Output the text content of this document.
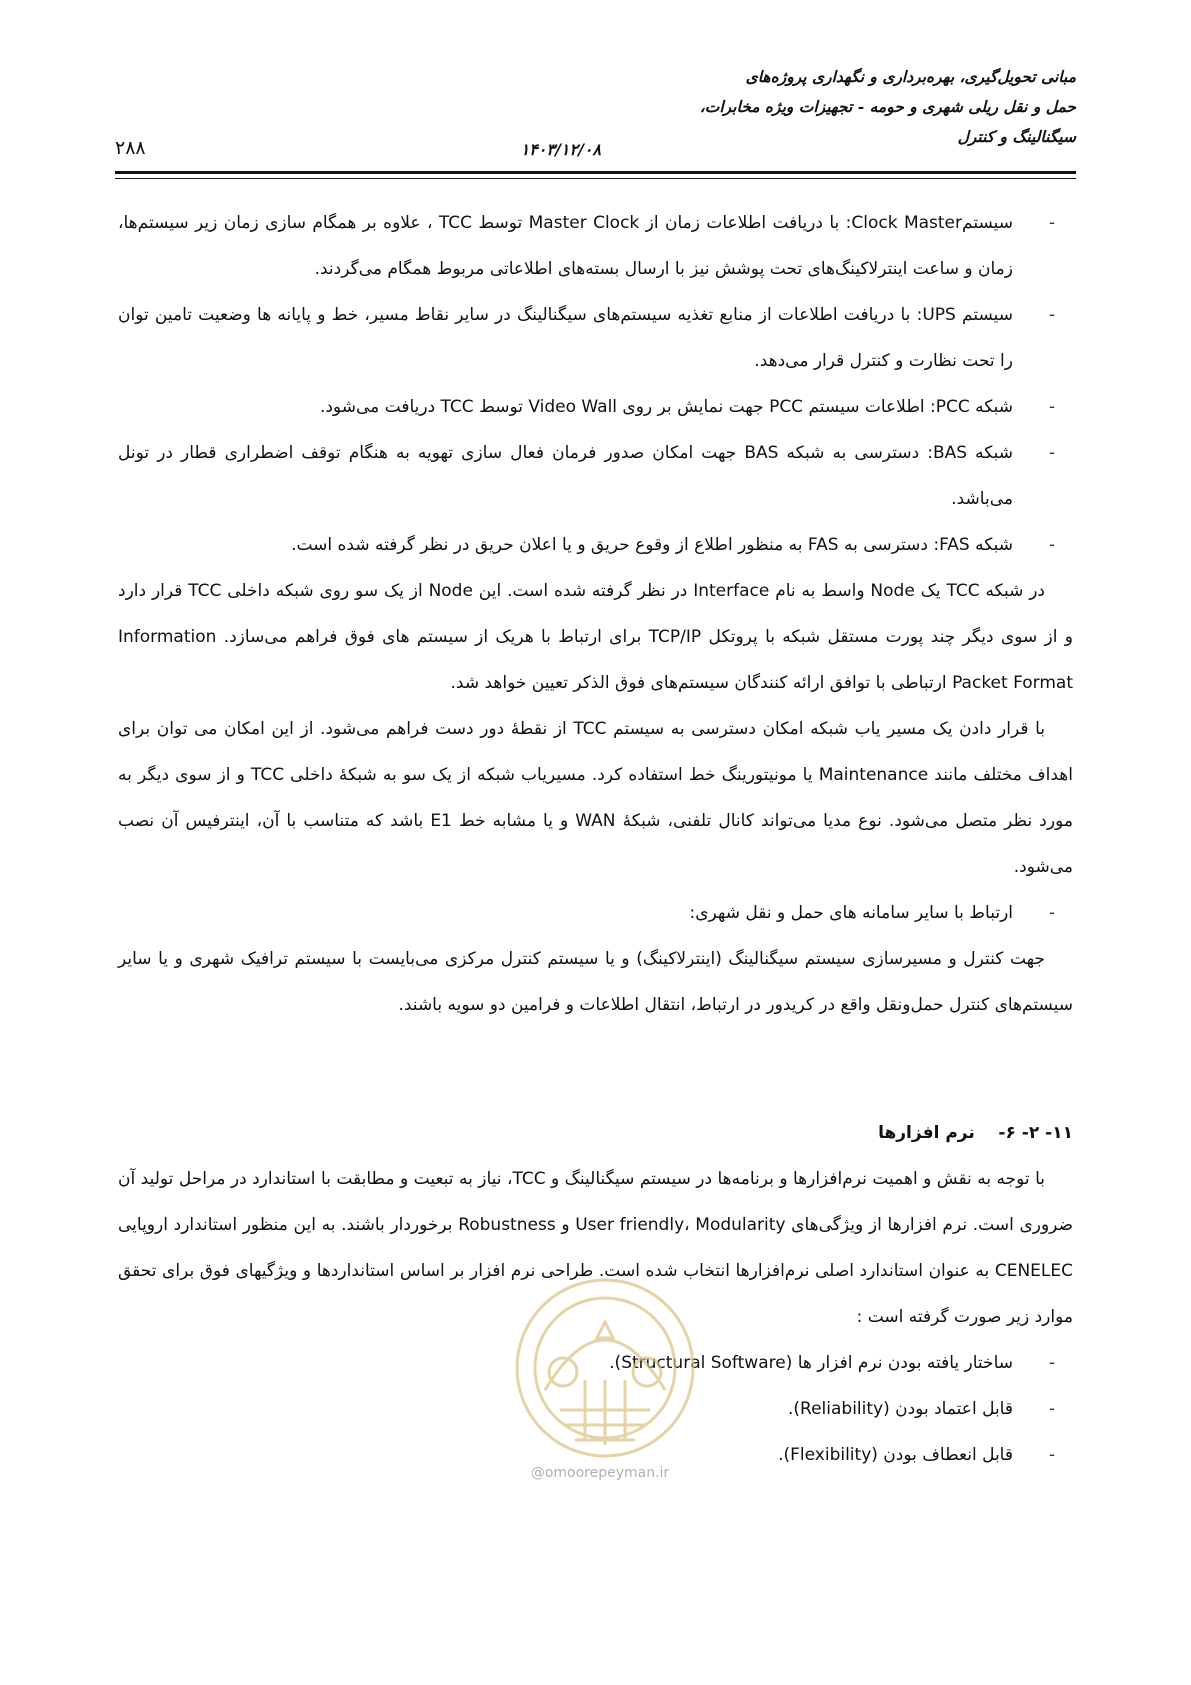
مبانی تحویل‌گیری، بهره‌برداری و نگهداری پروژه‌های
حمل و نقل ریلی شهری و حومه - تجهیزات ویژه مخابرات،
سیگنالینگ و کنترل
۱۴۰۳/۱۲/۰۸
۲۸۸

- سیستمClock Master: با دریافت اطلاعات زمان از Master Clock توسط TCC ، علاوه بر همگام سازی زمان زیر سیستم‌ها، زمان و ساعت اینترلاکینگ‌های تحت پوشش نیز با ارسال بسته‌های اطلاعاتی مربوط همگام می‌گردند.

- سیستم UPS: با دریافت اطلاعات از منابع تغذیه سیستم‌های سیگنالینگ در سایر نقاط مسیر، خط و پایانه ها وضعیت تامین توان را تحت نظارت و کنترل قرار می‌دهد.

- شبکه PCC: اطلاعات سیستم PCC جهت نمایش بر روی Video Wall توسط TCC دریافت می‌شود.

- شبکه BAS: دسترسی به شبکه BAS جهت امکان صدور فرمان فعال سازی تهویه به هنگام توقف اضطراری قطار در تونل می‌باشد.

- شبکه FAS: دسترسی به FAS به منظور اطلاع از وقوع حریق و یا اعلان حریق در نظر گرفته شده است.

در شبکه TCC یک Node واسط به نام Interface در نظر گرفته شده است. این Node از یک سو روی شبکه داخلی TCC قرار دارد و از سوی دیگر چند پورت مستقل شبکه با پروتکل TCP/IP برای ارتباط با هریک از سیستم های فوق فراهم می‌سازد. Information Packet Format ارتباطی با توافق ارائه کنندگان سیستم‌های فوق الذکر تعیین خواهد شد.

با قرار دادن یک مسیر یاب شبکه امکان دسترسی به سیستم TCC از نقطهٔ دور دست فراهم می‌شود. از این امکان می توان برای اهداف مختلف مانند Maintenance یا مونیتورینگ خط استفاده کرد. مسیریاب شبکه از یک سو به شبکهٔ داخلی TCC و از سوی دیگر به مورد نظر متصل می‌شود. نوع مدیا می‌تواند کانال تلفنی، شبکهٔ WAN و یا مشابه خط E1 باشد که متناسب با آن، اینترفیس آن نصب می‌شود.

- ارتباط با سایر سامانه های حمل و نقل شهری:

جهت کنترل و مسیرسازی سیستم سیگنالینگ (اینترلاکینگ) و یا سیستم کنترل مرکزی می‌بایست با سیستم ترافیک شهری و یا سایر سیستم‌های کنترل حمل‌ونقل واقع در کریدور در ارتباط، انتقال اطلاعات و فرامین دو سویه باشند.

۱۱- ۲- ۶-    نرم افزارها

با توجه به نقش و اهمیت نرم‌افزارها و برنامه‌ها در سیستم سیگنالینگ و TCC، نیاز به تبعیت و مطابقت با استاندارد در مراحل تولید آن ضروری است. نرم افزارها از ویژگی‌های User friendly، Modularity و Robustness برخوردار باشند. به این منظور استاندارد اروپایی CENELEC به عنوان استاندارد اصلی نرم‌افزارها انتخاب شده است. طراحی نرم افزار بر اساس استانداردها و ویژگیهای فوق برای تحقق موارد زیر صورت گرفته است :

- ساختار یافته بودن نرم افزار ها (Structural Software).

- قابل اعتماد بودن (Reliability).

- قابل انعطاف بودن (Flexibility).

@omoorepeyman.ir
